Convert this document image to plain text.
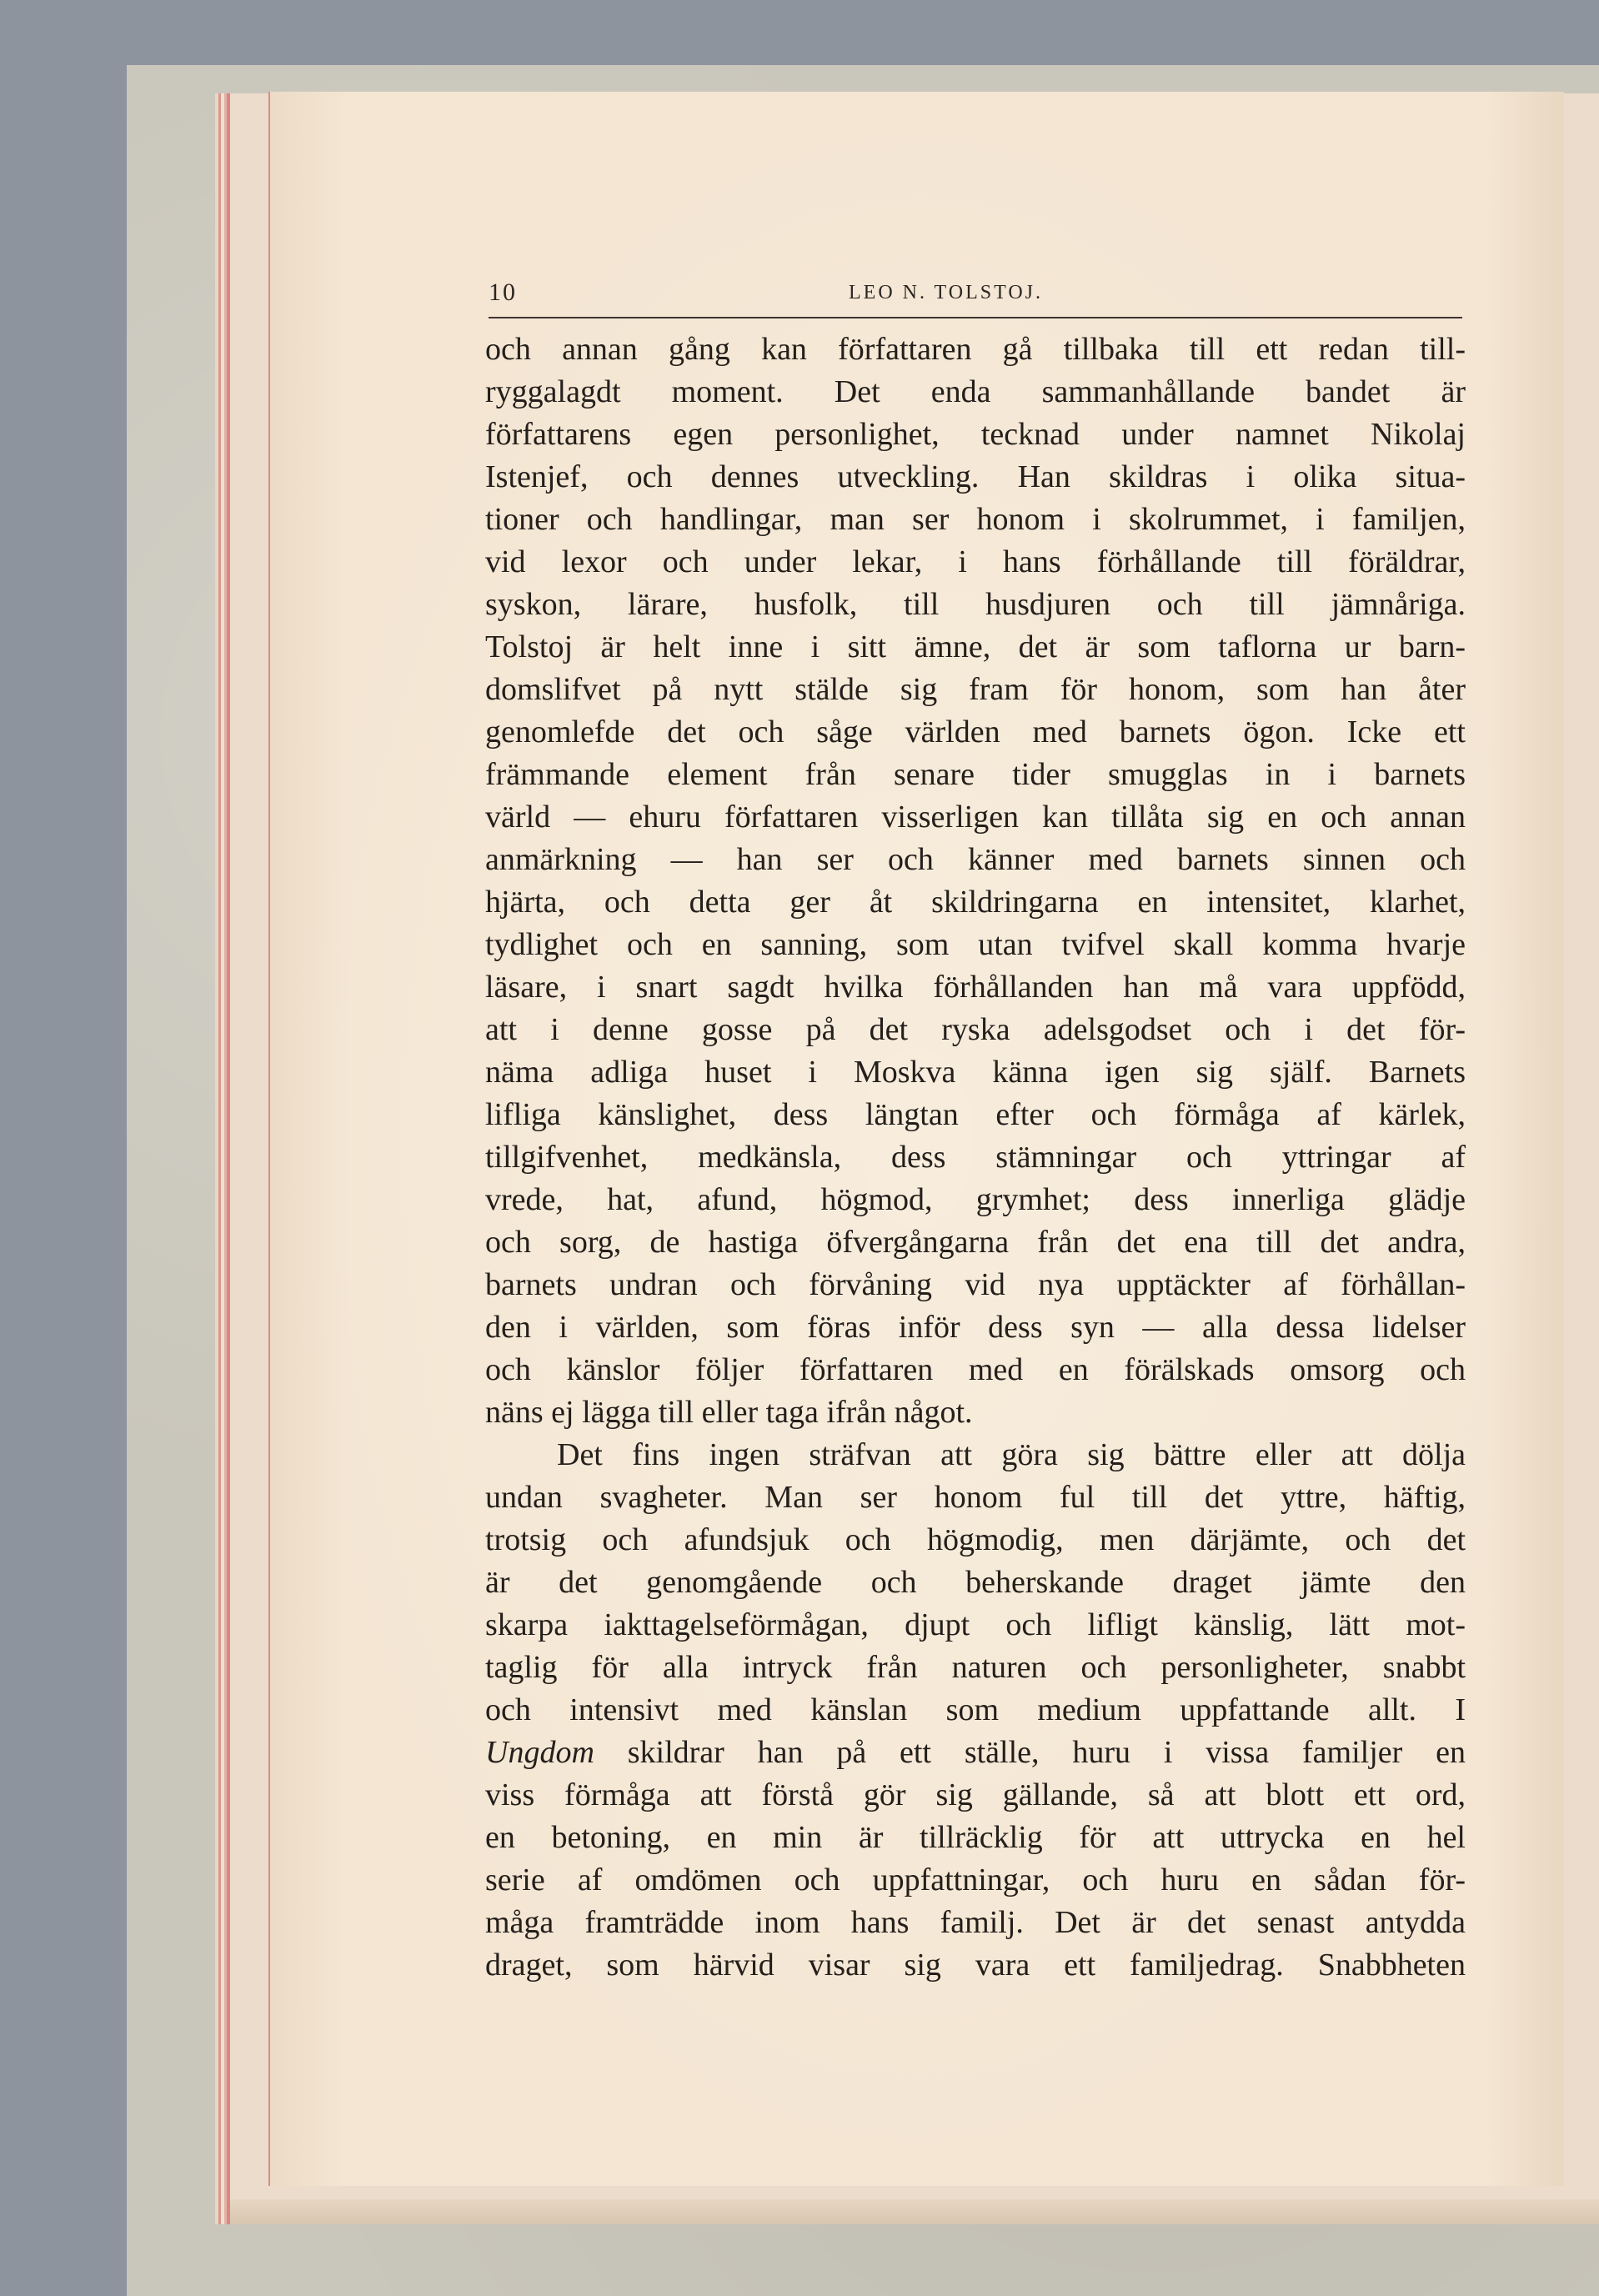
10	LEO N. TOLSTOJ.
och annan gång kan författaren gå tillbaka till ett redan till-
ryggalagdt moment. Det enda sammanhållande bandet är
författarens egen personlighet, tecknad under namnet Nikolaj
Istenjef, och dennes utveckling. Han skildras i olika situa-
tioner och handlingar, man ser honom i skolrummet, i familjen,
vid lexor och under lekar, i hans förhållande till föräldrar,
syskon, lärare, husfolk, till husdjuren och till jämnåriga.
Tolstoj är helt inne i sitt ämne, det är som taflorna ur barn-
domslifvet på nytt stälde sig fram för honom, som han åter
genomlefde det och såge världen med barnets ögon. Icke ett
främmande element från senare tider smugglas in i barnets
värld — ehuru författaren visserligen kan tillåta sig en och annan
anmärkning — han ser och känner med barnets sinnen och
hjärta, och detta ger åt skildringarna en intensitet, klarhet,
tydlighet och en sanning, som utan tvifvel skall komma hvarje
läsare, i snart sagdt hvilka förhållanden han må vara uppfödd,
att i denne gosse på det ryska adelsgodset och i det för-
näma adliga huset i Moskva känna igen sig själf. Barnets
lifliga känslighet, dess längtan efter och förmåga af kärlek,
tillgifvenhet, medkänsla, dess stämningar och yttringar af
vrede, hat, afund, högmod, grymhet; dess innerliga glädje
och sorg, de hastiga öfvergångarna från det ena till det andra,
barnets undran och förvåning vid nya upptäckter af förhållan-
den i världen, som föras inför dess syn — alla dessa lidelser
och känslor följer författaren med en förälskads omsorg och
näns ej lägga till eller taga ifrån något.
Det fins ingen sträfvan att göra sig bättre eller att dölja
undan svagheter. Man ser honom ful till det yttre, häftig,
trotsig och afundsjuk och högmodig, men därjämte, och det
är det genomgående och beherskande draget jämte den
skarpa iakttagelseförmågan, djupt och lifligt känslig, lätt mot-
taglig för alla intryck från naturen och personligheter, snabbt
och intensivt med känslan som medium uppfattande allt. I
Ungdom skildrar han på ett ställe, huru i vissa familjer en
viss förmåga att förstå gör sig gällande, så att blott ett ord,
en betoning, en min är tillräcklig för att uttrycka en hel
serie af omdömen och uppfattningar, och huru en sådan för-
måga framträdde inom hans familj. Det är det senast antydda
draget, som härvid visar sig vara ett familjedrag. Snabbheten
